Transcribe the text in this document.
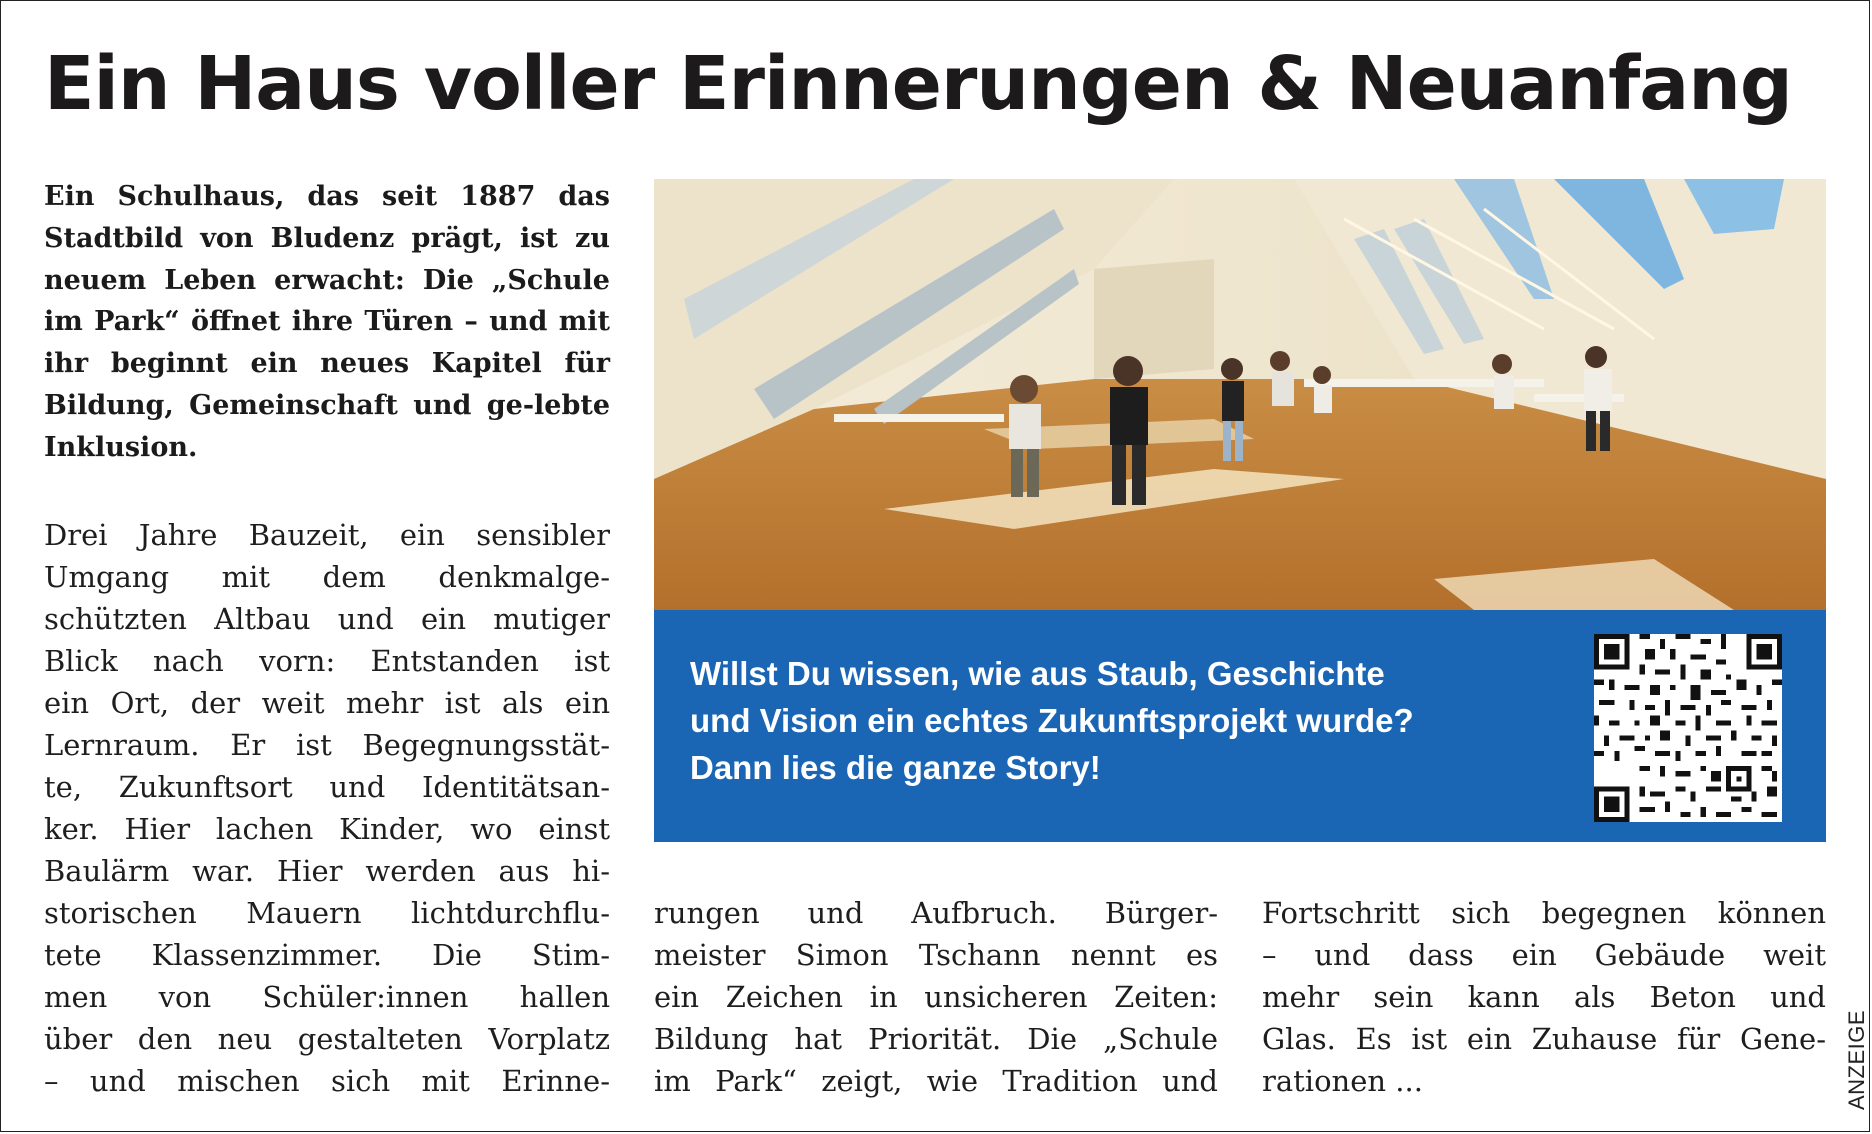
Ein Haus voller Erinnerungen & Neuanfang

Ein Schulhaus, das seit 1887 das Stadtbild von Bludenz prägt, ist zu neuem Leben erwacht: Die „Schule im Park“ öffnet ihre Türen – und mit ihr beginnt ein neues Kapitel für Bildung, Gemeinschaft und ge-lebte Inklusion.

Drei Jahre Bauzeit, ein sensibler
Umgang mit dem denkmalge-
schützten Altbau und ein mutiger
Blick nach vorn: Entstanden ist
ein Ort, der weit mehr ist als ein
Lernraum. Er ist Begegnungsstät-
te, Zukunftsort und Identitätsan-
ker. Hier lachen Kinder, wo einst
Baulärm war. Hier werden aus hi-
storischen Mauern lichtdurchflu-
tete Klassenzimmer. Die Stim-
men von Schüler:innen hallen
über den neu gestalteten Vorplatz
– und mischen sich mit Erinne-
Willst Du wissen, wie aus Staub, Geschichte
und Vision ein echtes Zukunftsprojekt wurde?
Dann lies die ganze Story!
rungen und Aufbruch. Bürger-
meister Simon Tschann nennt es
ein Zeichen in unsicheren Zeiten:
Bildung hat Priorität. Die „Schule
im Park“ zeigt, wie Tradition und
Fortschritt sich begegnen können
– und dass ein Gebäude weit
mehr sein kann als Beton und
Glas. Es ist ein Zuhause für Gene-
rationen ...	ANZEIGE
